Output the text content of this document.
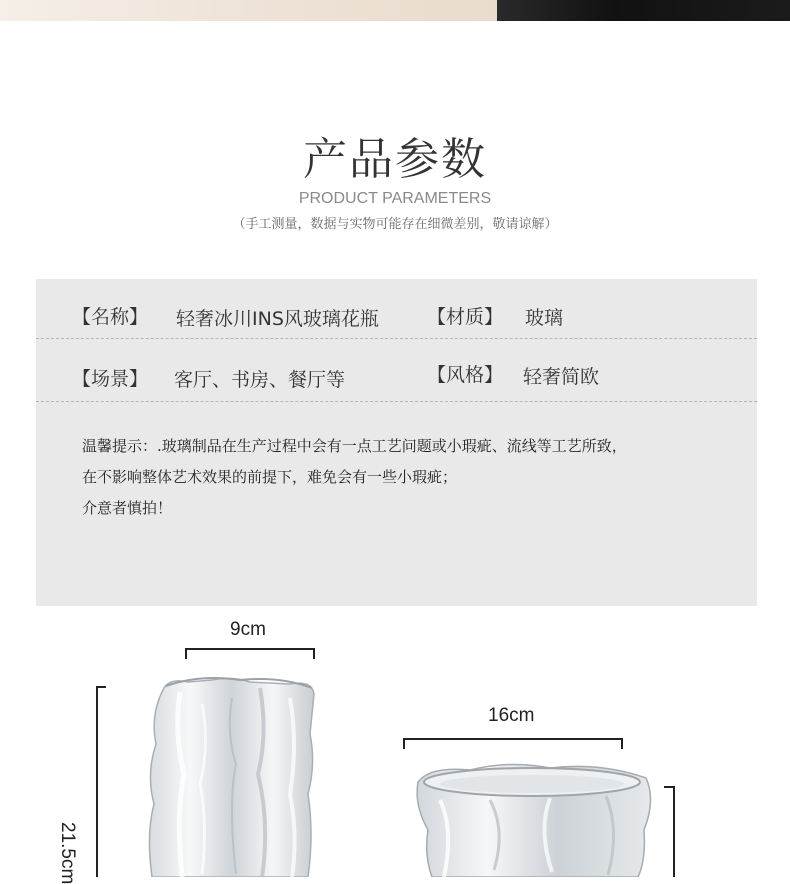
产品参数
PRODUCT PARAMETERS
（手工测量，数据与实物可能存在细微差别，敬请谅解）
【名称】 轻奢冰川INS风玻璃花瓶	【材质】 玻璃
【场景】 客厅、书房、餐厅等	【风格】 轻奢简欧
温馨提示：.玻璃制品在生产过程中会有一点工艺问题或小瑕疵、流线等工艺所致，
在不影响整体艺术效果的前提下，难免会有一些小瑕疵；
介意者慎拍！
9cm
21.5cm
16cm
